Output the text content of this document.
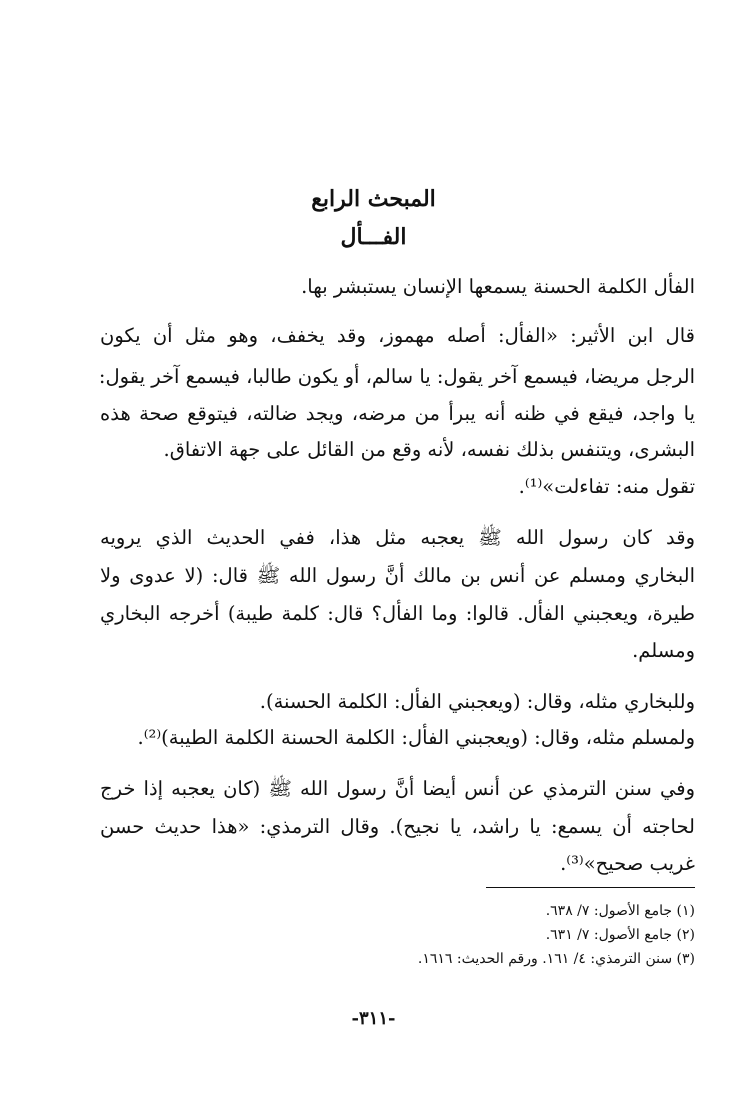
المبحث الرابع
الفـــأل
الفأل الكلمة الحسنة يسمعها الإنسان يستبشر بها.
قال ابن الأثير: «الفأل: أصله مهموز، وقد يخفف، وهو مثل أن يكون
الرجل مريضا، فيسمع آخر يقول: يا سالم، أو يكون طالبا، فيسمع آخر يقول:
يا واجد، فيقع في ظنه أنه يبرأ من مرضه، ويجد ضالته، فيتوقع صحة هذه
البشرى، ويتنفس بذلك نفسه، لأنه وقع من القائل على جهة الاتفاق.
تقول منه: تفاءلت»⁽¹⁾.
وقد كان رسول الله ﷺ يعجبه مثل هذا، ففي الحديث الذي يرويه
البخاري ومسلم عن أنس بن مالك أنَّ رسول الله ﷺ قال: (لا عدوى ولا
طيرة، ويعجبني الفأل. قالوا: وما الفأل؟ قال: كلمة طيبة) أخرجه البخاري
ومسلم.
وللبخاري مثله، وقال: (ويعجبني الفأل: الكلمة الحسنة).
ولمسلم مثله، وقال: (ويعجبني الفأل: الكلمة الحسنة الكلمة الطيبة)⁽²⁾.
وفي سنن الترمذي عن أنس أيضا أنَّ رسول الله ﷺ (كان يعجبه إذا خرج
لحاجته أن يسمع: يا راشد، يا نجيح). وقال الترمذي: «هذا حديث حسن
غريب صحيح»⁽³⁾.
(١) جامع الأصول: ٧/ ٦٣٨.
(٢) جامع الأصول: ٧/ ٦٣١.
(٣) سنن الترمذي: ٤/ ١٦١. ورقم الحديث: ١٦١٦.
-٣١١-
